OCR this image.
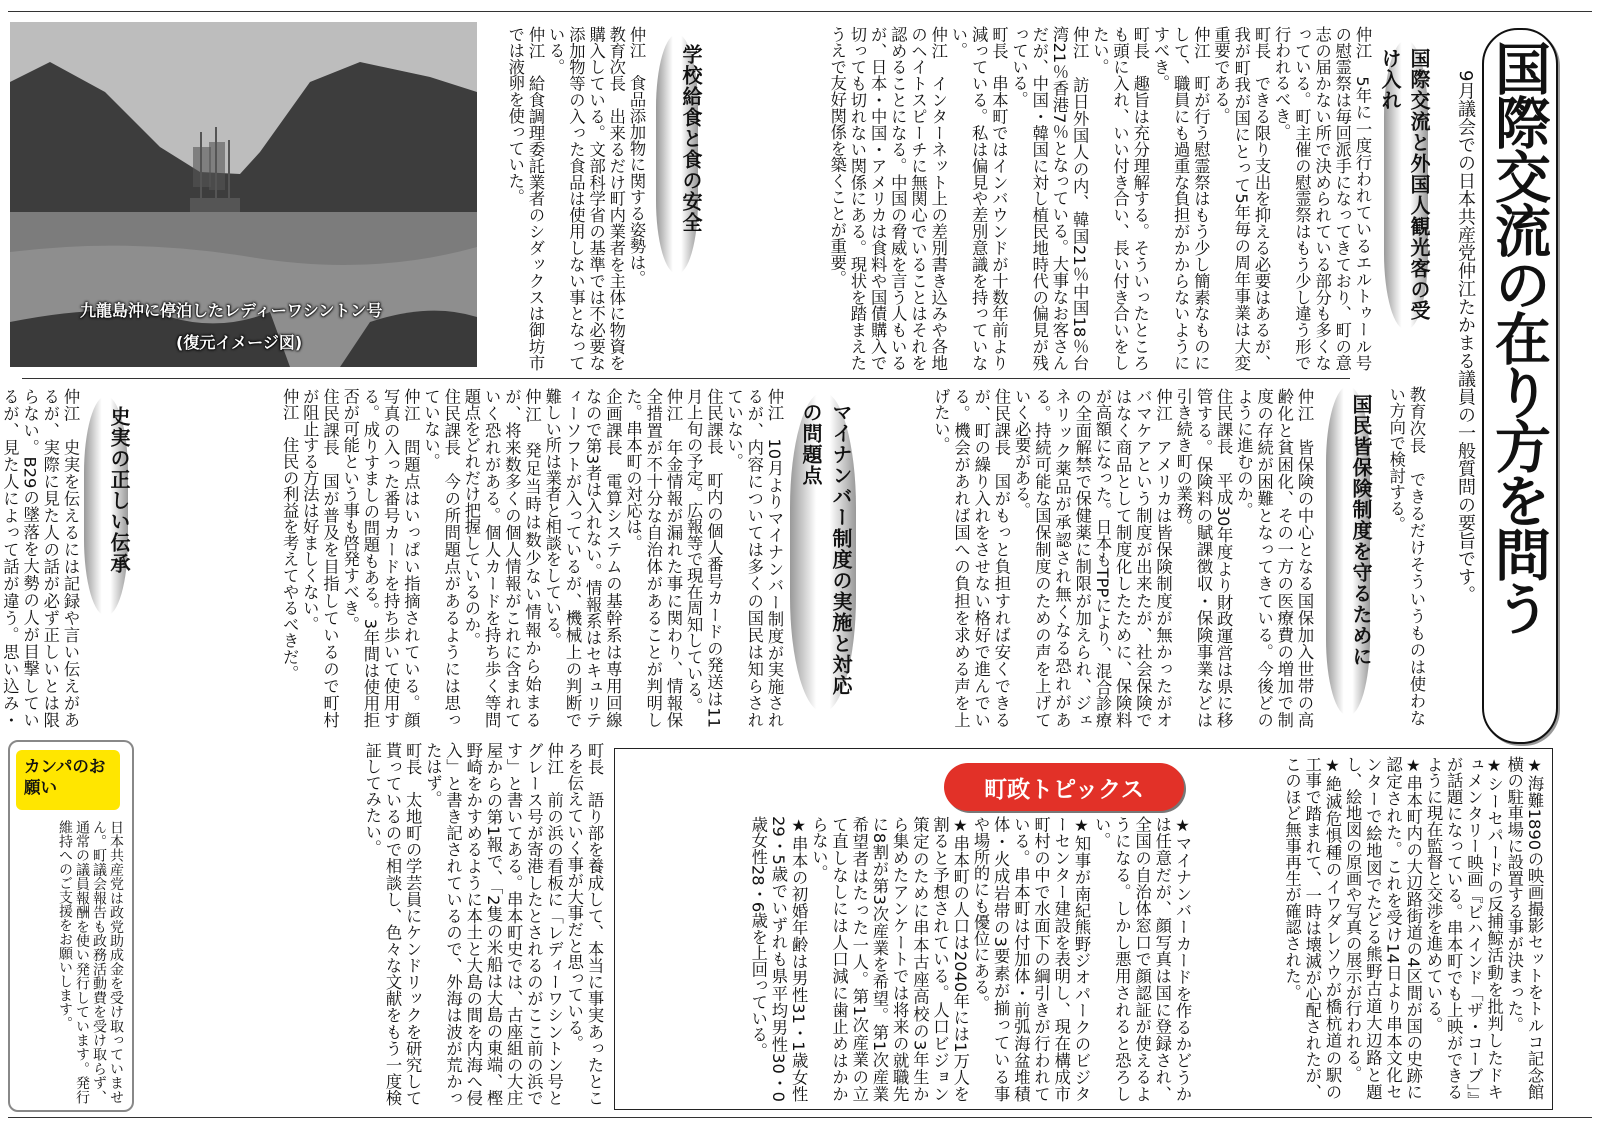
国際交流の在り方を問う
9月議会での日本共産党仲江たかまる議員の一般質問の要旨です。
教育次長　できるだけそういうものは使わない方向で検討する。
国際交流と外国人観光客の受け入れ
仲江　5年に一度行われているエルトゥール号の慰霊祭は毎回派手になってきており、町の意志の届かない所で決められている部分も多くなっている。町主催の慰霊祭はもう少し違う形で行われるべき。
町長　できる限り支出を抑える必要はあるが、我が町我が国にとって5年毎の周年事業は大変重要である。
仲江　町が行う慰霊祭はもう少し簡素なものにして、職員にも過重な負担がかからないようにすべき。
町長　趣旨は充分理解する。そういったところも頭に入れ、いい付き合い、長い付き合いをしたい。
仲江　訪日外国人の内、韓国21％中国18％台湾21％香港7％となっている。大事なお客さんだが、中国・韓国に対し植民地時代の偏見が残っている。
町長　串本町ではインバウンドが十数年前より減っている。私は偏見や差別意識を持っていない。
仲江　インターネット上の差別書き込みや各地のヘイトスピーチに無関心でいることはそれを認めることになる。中国の脅威を言う人もいるが、日本・中国・アメリカは食料や国債購入で切っても切れない関係にある。現状を踏まえたうえで友好関係を築くことが重要。
学校給食と食の安全
仲江　食品添加物に関する姿勢は。
教育次長　出来るだけ町内業者を主体に物資を購入している。文部科学省の基準では不必要な添加物等の入った食品は使用しない事となっている。
仲江　給食調理委託業者のシダックスは御坊市では液卵を使っていた。
九龍島沖に停泊したレディーワシントン号
(復元イメージ図)
国民皆保険制度を守るために
仲江　皆保険の中心となる国保加入世帯の高齢化と貧困化、その一方の医療費の増加で制度の存続が困難となってきている。今後どのように進むのか。
住民課長　平成30年度より財政運営は県に移管する。保険料の賦課徴収・保険事業などは引き続き町の業務。
仲江　アメリカは皆保険制度が無かったがオバマケアという制度が出来たが、社会保険ではなく商品として制度化したために、保険料が高額になった。日本もTPPにより、混合診療の全面解禁で保健薬に制限が加えられ、ジェネリック薬品が承認され無くなる恐れがある。持続可能な国保制度のための声を上げていく必要がある。
住民課長　国がもっと負担すれば安くできるが、町の繰り入れをさせない格好で進んでいる。機会があれば国への負担を求める声を上げたい。
マイナンバー制度の実施と対応の問題点
仲江　10月よりマイナンバー制度が実施されるが、内容については多くの国民は知らされていない。
住民課長　町内の個人番号カードの発送は11月上旬の予定。広報等で現在周知している。
仲江　年金情報が漏れた事に関わり、情報保全措置が不十分な自治体があることが判明した。串本町の対応は。
企画課長　電算システムの基幹系は専用回線なので第3者は入れない。情報系はセキュリティーソフトが入っているが、機械上の判断で難しい所は業者と相談をしている。
仲江　発足当時は数少ない情報から始まるが、将来数多くの個人情報がこれに含まれていく恐れがある。個人カードを持ち歩く等問題点をどれだけ把握しているのか。
住民課長　今の所問題点があるようには思っていない。
仲江　問題点はいっぱい指摘されている。顔写真の入った番号カードを持ち歩いて使用する。成りすましの問題もある。3年間は使用拒否が可能という事も啓発すべき。
住民課長　国が普及を目指しているので町村が阻止する方法は好ましくない。
仲江　住民の利益を考えてやるべきだ。
史実の正しい伝承
仲江　史実を伝えるには記録や言い伝えがあるが、実際に見た人の話が必ず正しいとは限らない。B29の墜落を大勢の人が目撃しているが、見た人によって話が違う。思い込み・
町長　語り部を養成して、本当に事実あったところを伝えていく事が大事だと思っている。
仲江　前の浜の看板に「レディーワシントン号とグレース号が寄港したとされるのがここ前の浜です」と書いてある。串本町史では、古座組の大庄屋からの第1報で、「2隻の米船は大島の東端、樫野崎をかすめるように本土と大島の間を内海へ侵入」と書き記されているので、外海は波が荒かったはず。
町長　太地町の学芸員にケンドリックを研究して貰っているので相談し、色々な文献をもう一度検証してみたい。	町政トピックス	★海難1890の映画撮影セットをトルコ記念館横の駐車場に設置する事が決まった。
★シーセパードの反捕鯨活動を批判したドキュメンタリー映画『ビハインド「ザ・コーブ」』が話題になっている。串本町でも上映ができるように現在監督と交渉を進めている。
★串本町内の大辺路街道の4区間が国の史跡に認定された。これを受け14日より串本文化センターで絵地図でたどる熊野古道大辺路と題し、絵地図の原画や写真の展示が行われる。
★絶滅危惧種のイワダレソウが橋杭道の駅の工事で踏まれて、一時は壊滅が心配されたが、このほど無事再生が確認された。
★マイナンバーカードを作るかどうかは任意だが、顔写真は国に登録され、全国の自治体窓口で顔認証が使えるようになる。しかし悪用されると恐ろしい。
★知事が南紀熊野ジオパークのビジターセンター建設を表明し、現在構成市町村の中で水面下の綱引きが行われている。串本町は付加体・前弧海盆堆積体・火成岩帯の3要素が揃っている事や場所的にも優位にある。
★串本町の人口は2040年には1万人を割ると予想されている。人口ビジョン策定のために串本古座高校の3年生から集めたアンケートでは将来の就職先に8割が第3次産業を希望。第1次産業希望者はたった一人。第1次産業の立て直しなしには人口減に歯止めはかからない。
★串本の初婚年齢は男性31・1歳女性29・5歳でいずれも県平均男性30・0歳女性28・6歳を上回っている。
カンパのお願い
日本共産党は政党助成金を受け取っていません。町議会報告も政務活動費を受け取らず、通常の議員報酬を使い発行しています。発行維持へのご支援をお願いします。
